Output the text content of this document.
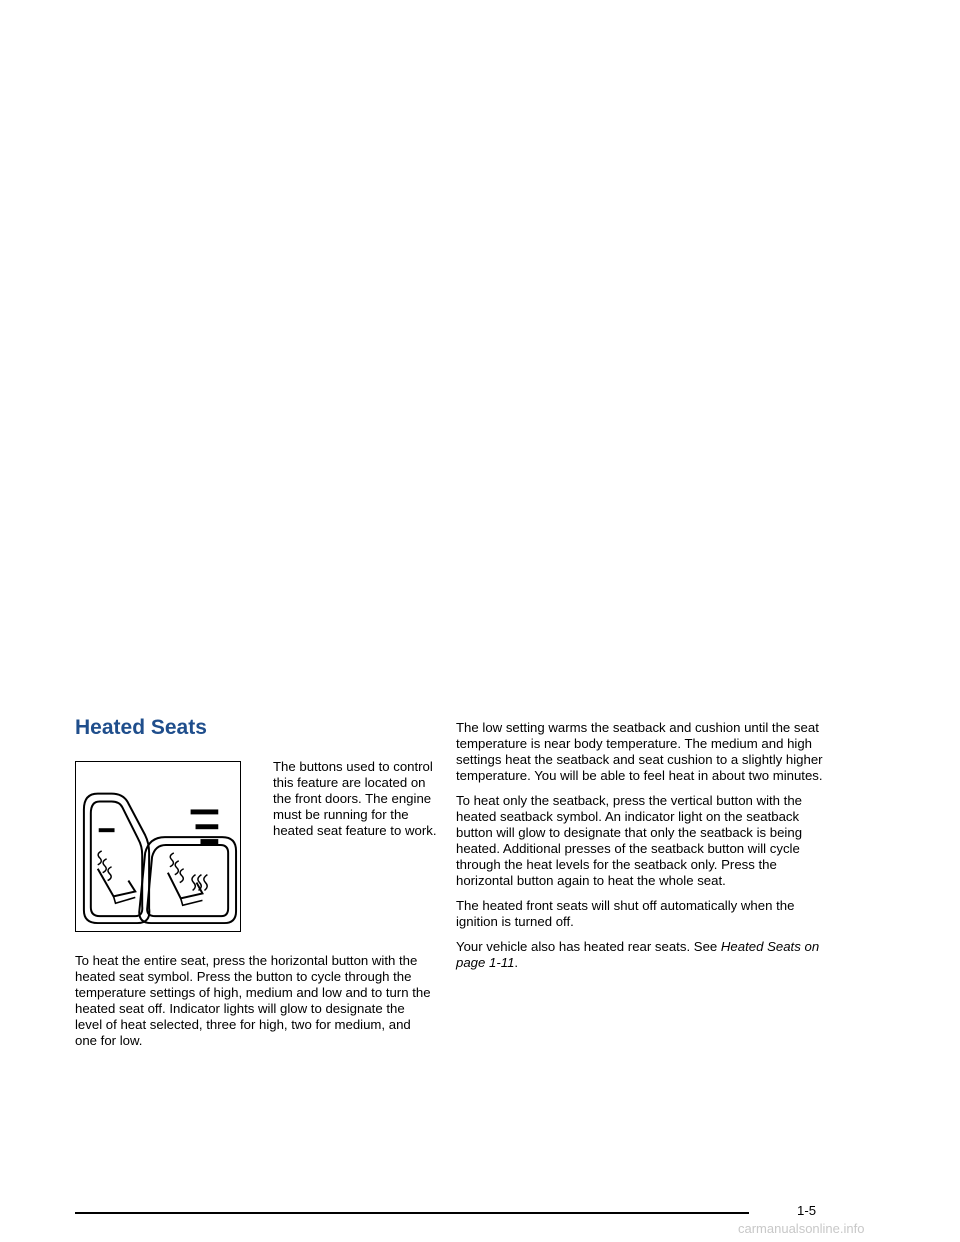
Heated Seats

The buttons used to control this feature are located on the front doors. The engine must be running for the heated seat feature to work.

To heat the entire seat, press the horizontal button with the heated seat symbol. Press the button to cycle through the temperature settings of high, medium and low and to turn the heated seat off. Indicator lights will glow to designate the level of heat selected, three for high, two for medium, and one for low.

The low setting warms the seatback and cushion until the seat temperature is near body temperature. The medium and high settings heat the seatback and seat cushion to a slightly higher temperature. You will be able to feel heat in about two minutes.

To heat only the seatback, press the vertical button with the heated seatback symbol. An indicator light on the seatback button will glow to designate that only the seatback is being heated. Additional presses of the seatback button will cycle through the heat levels for the seatback only. Press the horizontal button again to heat the whole seat.

The heated front seats will shut off automatically when the ignition is turned off.

Your vehicle also has heated rear seats. See Heated Seats on page 1-11.

1-5
carmanualsonline.info
